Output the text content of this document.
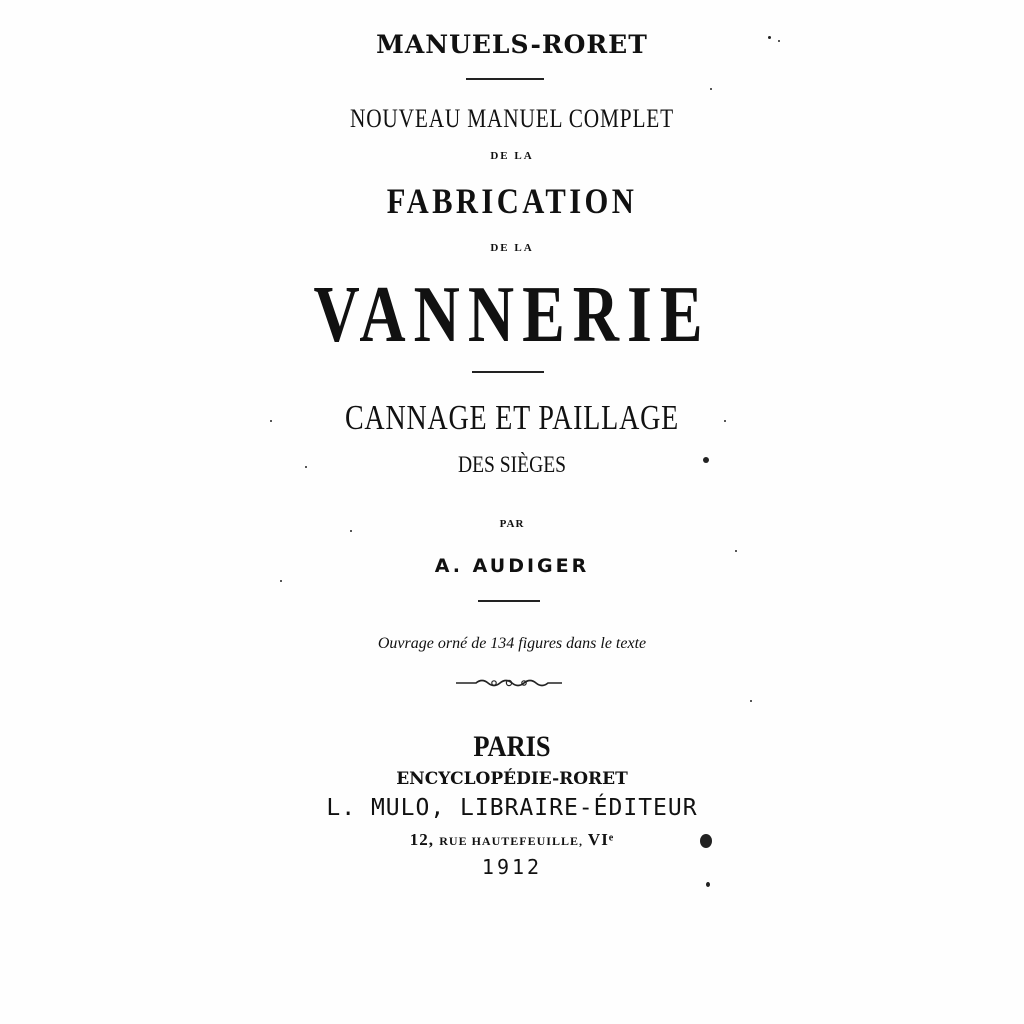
MANUELS-RORET
NOUVEAU MANUEL COMPLET
DE LA
FABRICATION
DE LA
VANNERIE
CANNAGE ET PAILLAGE
DES SIÈGES
PAR
A. AUDIGER
Ouvrage orné de 134 figures dans le texte
PARIS
ENCYCLOPÉDIE-RORET
L. MULO, LIBRAIRE-ÉDITEUR
12, RUE HAUTEFEUILLE, VIᵉ
1912
